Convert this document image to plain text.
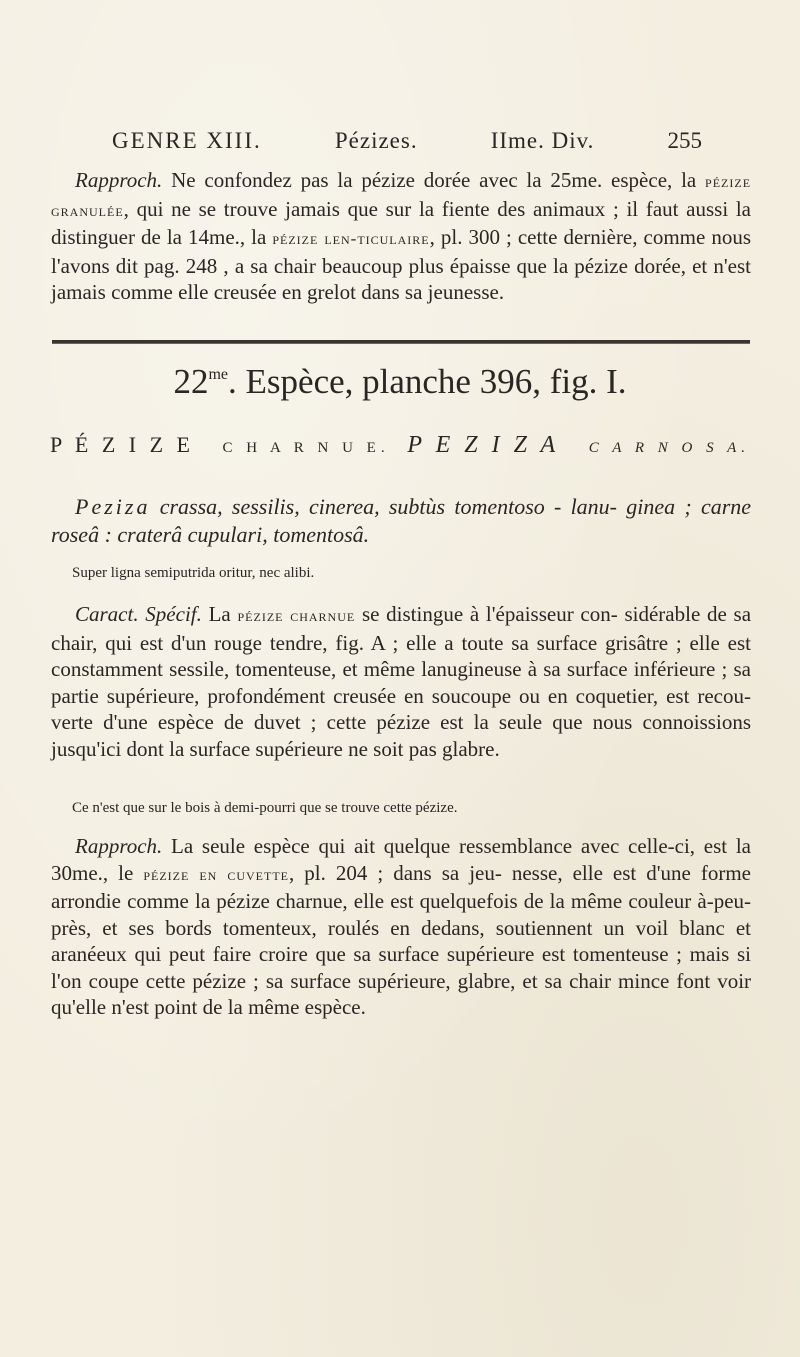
GENRE XIII.	Pézizes.	IIme. Div.	255

Rapproch. Ne confondez pas la pézize dorée avec la 25me. espèce, la pézize granulée, qui ne se trouve jamais que sur la fiente des animaux ; il faut aussi la distinguer de la 14me., la pézize len-ticulaire, pl. 300 ; cette dernière, comme nous l'avons dit pag. 248 , a sa chair beaucoup plus épaisse que la pézize dorée, et n'est jamais comme elle creusée en grelot dans sa jeunesse.

$22^{me}$. Espèce, planche 396, fig. I.
P É Z I Z E C H A R N U E. P E Z I Z A C A R N O S A.

Peziza crassa, sessilis, cinerea, subtùs tomentoso - lanu- ginea ; carne roseâ : craterâ cupulari, tomentosâ.

Super ligna semiputrida oritur, nec alibi.

Caract. Spécif. La pézize charnue se distingue à l'épaisseur con- sidérable de sa chair, qui est d'un rouge tendre, fig. A ; elle a toute sa surface grisâtre ; elle est constamment sessile, tomenteuse, et même lanugineuse à sa surface inférieure ; sa partie supérieure, profondément creusée en soucoupe ou en coquetier, est recou- verte d'une espèce de duvet ; cette pézize est la seule que nous connoissions jusqu'ici dont la surface supérieure ne soit pas glabre.

Ce n'est que sur le bois à demi-pourri que se trouve cette pézize.

Rapproch. La seule espèce qui ait quelque ressemblance avec celle-ci, est la 30me., le pézize en cuvette, pl. 204 ; dans sa jeu- nesse, elle est d'une forme arrondie comme la pézize charnue, elle est quelquefois de la même couleur à-peu-près, et ses bords tomenteux, roulés en dedans, soutiennent un voil blanc et aranéeux qui peut faire croire que sa surface supérieure est tomenteuse ; mais si l'on coupe cette pézize ; sa surface supérieure, glabre, et sa chair mince font voir qu'elle n'est point de la même espèce.
